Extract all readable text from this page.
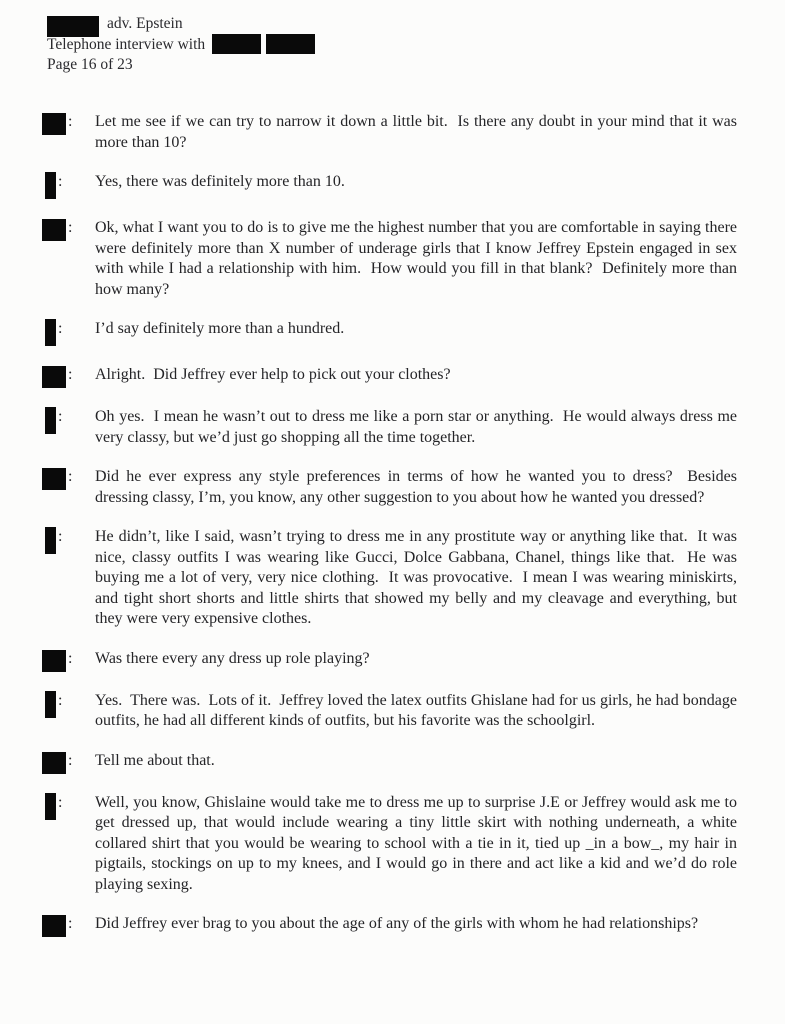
adv. Epstein
Telephone interview with
Page 16 of 23
: Let me see if we can try to narrow it down a little bit.  Is there any doubt in your mind that it was more than 10?
: Yes, there was definitely more than 10.
: Ok, what I want you to do is to give me the highest number that you are comfortable in saying there were definitely more than X number of underage girls that I know Jeffrey Epstein engaged in sex with while I had a relationship with him.  How would you fill in that blank?  Definitely more than how many?
: I’d say definitely more than a hundred.
: Alright.  Did Jeffrey ever help to pick out your clothes?
: Oh yes.  I mean he wasn’t out to dress me like a porn star or anything.  He would always dress me very classy, but we’d just go shopping all the time together.
: Did he ever express any style preferences in terms of how he wanted you to dress?  Besides dressing classy, I’m, you know, any other suggestion to you about how he wanted you dressed?
: He didn’t, like I said, wasn’t trying to dress me in any prostitute way or anything like that.  It was nice, classy outfits I was wearing like Gucci, Dolce Gabbana, Chanel, things like that.  He was buying me a lot of very, very nice clothing.  It was provocative.  I mean I was wearing miniskirts, and tight short shorts and little shirts that showed my belly and my cleavage and everything, but they were very expensive clothes.
: Was there every any dress up role playing?
: Yes.  There was.  Lots of it.  Jeffrey loved the latex outfits Ghislane had for us girls, he had bondage outfits, he had all different kinds of outfits, but his favorite was the schoolgirl.
: Tell me about that.
: Well, you know, Ghislaine would take me to dress me up to surprise J.E or Jeffrey would ask me to get dressed up, that would include wearing a tiny little skirt with nothing underneath, a white collared shirt that you would be wearing to school with a tie in it, tied up _in a bow_, my hair in pigtails, stockings on up to my knees, and I would go in there and act like a kid and we’d do role playing sexing.
: Did Jeffrey ever brag to you about the age of any of the girls with whom he had relationships?
